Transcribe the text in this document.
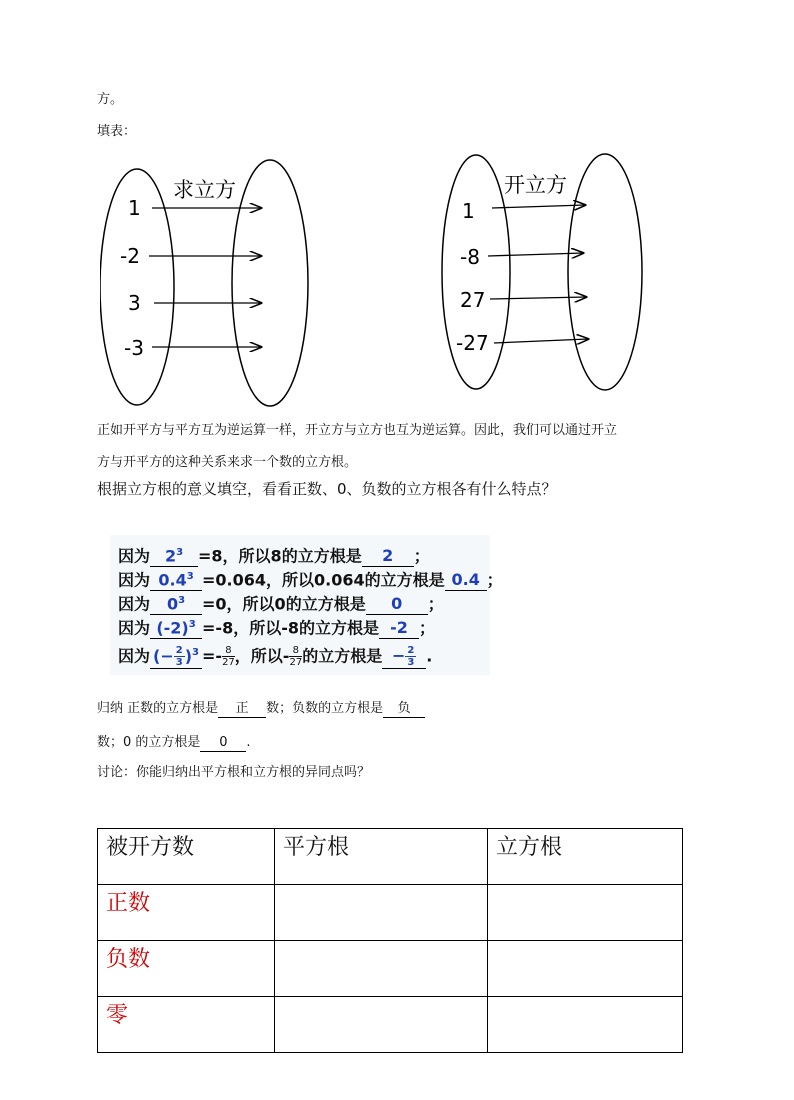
方。
填表：
求立方
1
-2
3
-3
开立方
1
-8
27
-27
正如开平方与平方互为逆运算一样，开立方与立方也互为逆运算。因此，我们可以通过开立
方与开平方的这种关系来求一个数的立方根。
根据立方根的意义填空，看看正数、0、负数的立方根各有什么特点？
因为 $2^3 =8$，所以8的立方根是 2 ；
因为 $0.4^3 =0.064$，所以0.064的立方根是 0.4 ；
因为 $0^3 =0$，所以0的立方根是 0 ；
因为 $(-2)^3 =-8$，所以-8的立方根是 -2 ；
因为 (− $\frac{2}{3} )^3 =- \frac{8}{27}$ ，所以- $\frac{8}{27}$ 的立方根是 − $\frac{2}{3}$ .
归纳 正数的立方根是 正 数；负数的立方根是 负
数；0 的立方根是 0 .
讨论：你能归纳出平方根和立方根的异同点吗？
被开方数	平方根	立方根
正数		
负数		
零		
